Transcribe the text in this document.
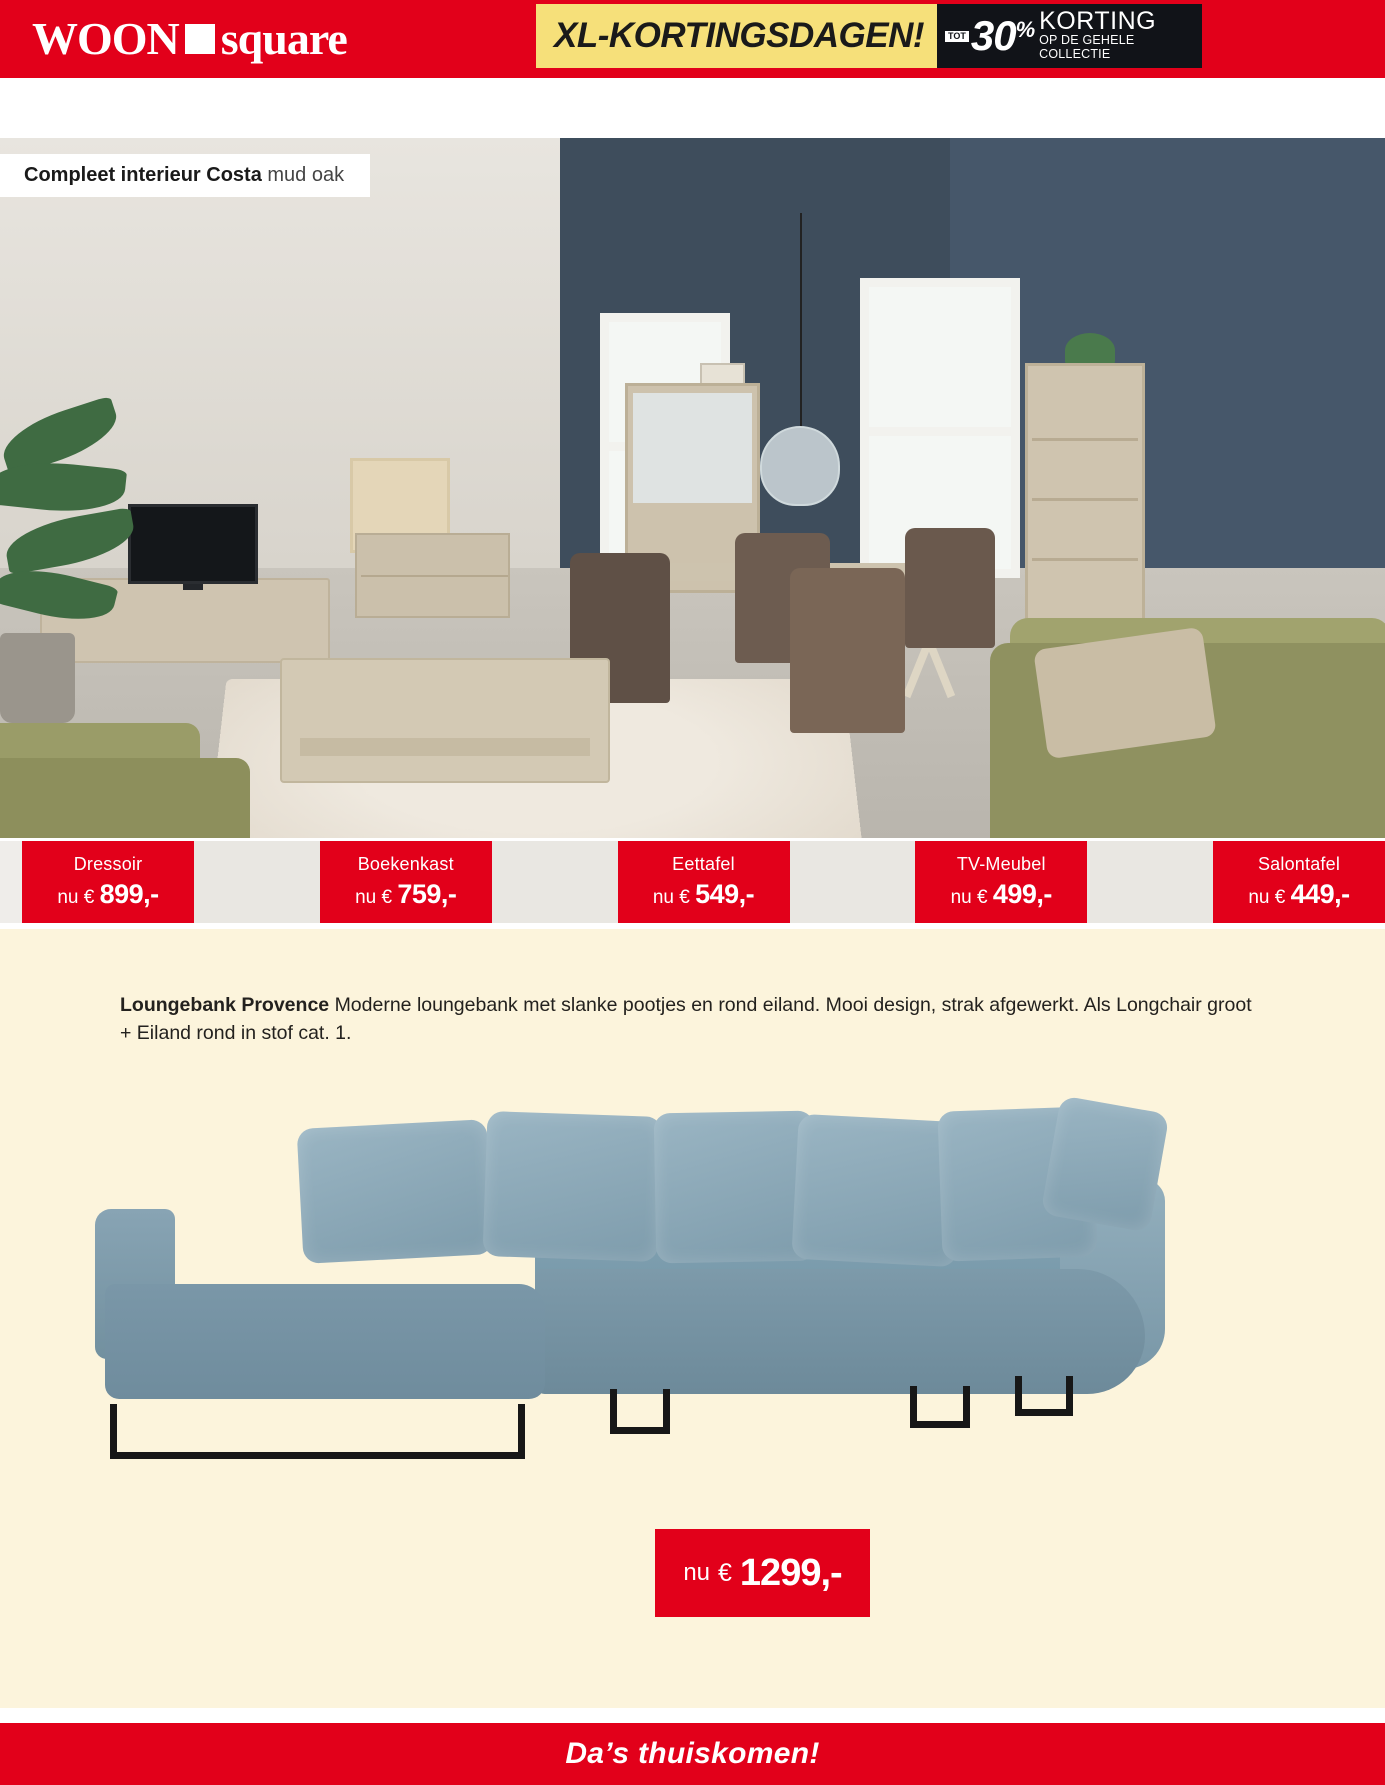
WOON square	XL-KORTINGSDAGEN!	TOT 30 % KORTING
OP DE GEHELE COLLECTIE
Compleet interieur Costa mud oak
Dressoir
nu € 899,-
Boekenkast
nu € 759,-
Eettafel
nu € 549,-
TV-Meubel
nu € 499,-
Salontafel
nu € 449,-
Loungebank Provence Moderne loungebank met slanke pootjes en rond eiland. Mooi design, strak afgewerkt. Als Longchair groot + Eiland rond in stof cat. 1.
nu € 1299,-
Da’s thuiskomen!
